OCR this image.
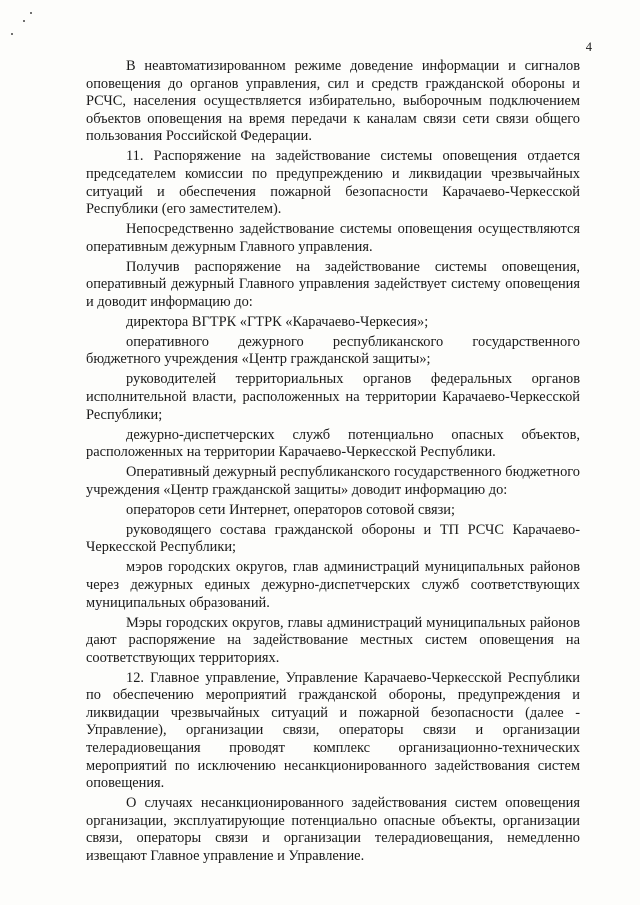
4

В неавтоматизированном режиме доведение информации и сигналов оповещения до органов управления, сил и средств гражданской обороны и РСЧС, населения осуществляется избирательно, выборочным подключением объектов оповещения на время передачи к каналам связи сети связи общего пользования Российской Федерации.

11. Распоряжение на задействование системы оповещения отдается председателем комиссии по предупреждению и ликвидации чрезвычайных ситуаций и обеспечения пожарной безопасности Карачаево-Черкесской Республики (его заместителем).

Непосредственно задействование системы оповещения осуществляются оперативным дежурным Главного управления.

Получив распоряжение на задействование системы оповещения, оперативный дежурный Главного управления задействует систему оповещения и доводит информацию до:

директора ВГТРК «ГТРК «Карачаево-Черкесия»;

оперативного дежурного республиканского государственного бюджетного учреждения «Центр гражданской защиты»;

руководителей территориальных органов федеральных органов исполнительной власти, расположенных на территории Карачаево-Черкесской Республики;

дежурно-диспетчерских служб потенциально опасных объектов, расположенных на территории Карачаево-Черкесской Республики.

Оперативный дежурный республиканского государственного бюджетного учреждения «Центр гражданской защиты» доводит информацию до:

операторов сети Интернет, операторов сотовой связи;

руководящего состава гражданской обороны и ТП РСЧС Карачаево-Черкесской Республики;

мэров городских округов, глав администраций муниципальных районов через дежурных единых дежурно-диспетчерских служб соответствующих муниципальных образований.

Мэры городских округов, главы администраций муниципальных районов дают распоряжение на задействование местных систем оповещения на соответствующих территориях.

12. Главное управление, Управление Карачаево-Черкесской Республики по обеспечению мероприятий гражданской обороны, предупреждения и ликвидации чрезвычайных ситуаций и пожарной безопасности (далее - Управление), организации связи, операторы связи и организации телерадиовещания проводят комплекс организационно-технических мероприятий по исключению несанкционированного задействования систем оповещения.

О случаях несанкционированного задействования систем оповещения организации, эксплуатирующие потенциально опасные объекты, организации связи, операторы связи и организации телерадиовещания, немедленно извещают Главное управление и Управление.
